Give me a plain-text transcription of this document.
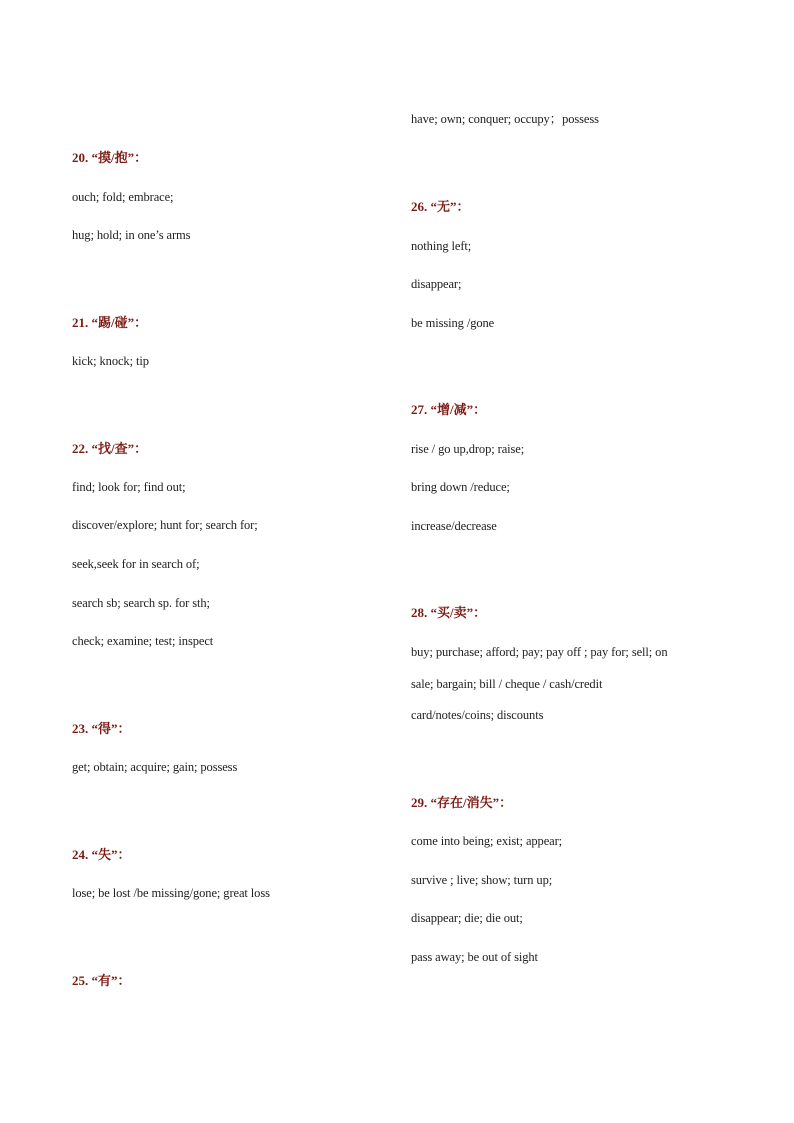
20. “摸/抱”：
ouch; fold; embrace;
hug; hold; in one’s arms
21. “踢/碰”：
kick; knock; tip
22. “找/查”：
find; look for; find out;
discover/explore; hunt for; search for;
seek,seek for in search of;
search sb; search sp. for sth;
check; examine; test; inspect
23. “得”：
get; obtain; acquire; gain; possess
24. “失”：
lose; be lost /be missing/gone; great loss
25. “有”：
have; own; conquer; occupy；possess
26. “无”：
nothing left;
disappear;
be missing /gone
27. “增/减”：
rise / go up,drop; raise;
bring down /reduce;
increase/decrease
28. “买/卖”：
buy; purchase; afford; pay; pay off ; pay for; sell; on
sale; bargain; bill / cheque / cash/credit
card/notes/coins; discounts
29. “存在/消失”：
come into being; exist; appear;
survive ; live; show; turn up;
disappear; die; die out;
pass away; be out of sight
